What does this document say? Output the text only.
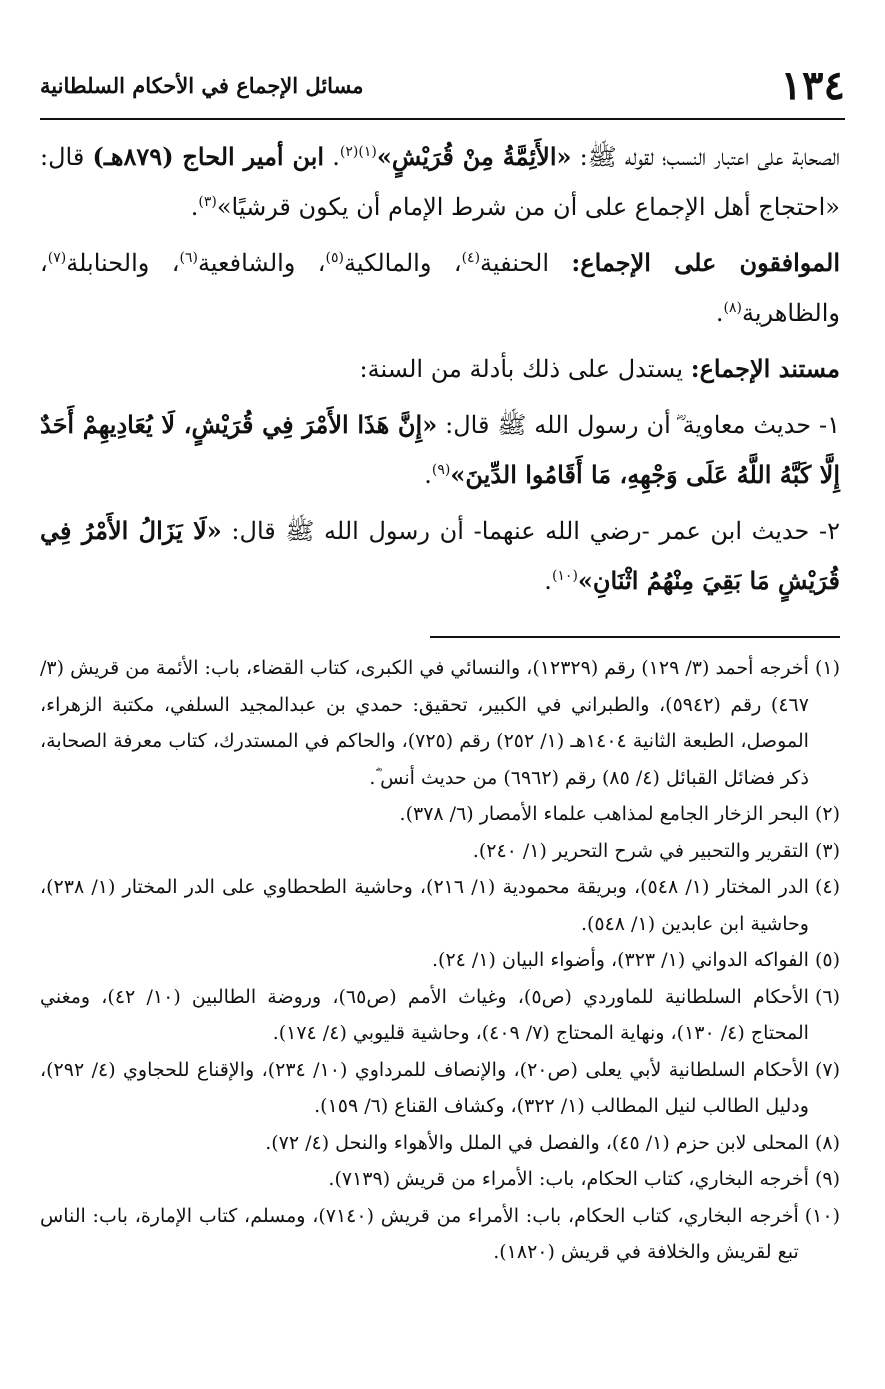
١٣٤
مسائل الإجماع في الأحكام السلطانية

الصحابة على اعتبار النسب؛ لقوله ﷺ: «الأَئِمَّةُ مِنْ قُرَيْشٍ»$^{(١)(٢)}$. ابن أمير الحاج (٨٧٩هـ) قال: «احتجاج أهل الإجماع على أن من شرط الإمام أن يكون قرشيًا»$^{(٣)}$.

الموافقون على الإجماع: الحنفية$^{(٤)}$، والمالكية$^{(٥)}$، والشافعية$^{(٦)}$، والحنابلة$^{(٧)}$، والظاهرية$^{(٨)}$.

مستند الإجماع: يستدل على ذلك بأدلة من السنة:

١- حديث معاوية ؓ أن رسول الله ﷺ قال: «إِنَّ هَذَا الأَمْرَ فِي قُرَيْشٍ، لَا يُعَادِيهِمْ أَحَدٌ إِلَّا كَبَّهُ اللَّهُ عَلَى وَجْهِهِ، مَا أَقَامُوا الدِّينَ»$^{(٩)}$.

٢- حديث ابن عمر -رضي الله عنهما- أن رسول الله ﷺ قال: «لَا يَزَالُ الأَمْرُ فِي قُرَيْشٍ مَا بَقِيَ مِنْهُمُ اثْنَانِ»$^{(١٠)}$.

(١)
أخرجه أحمد (٣/ ١٢٩) رقم (١٢٣٢٩)، والنسائي في الكبرى، كتاب القضاء، باب: الأئمة من قريش (٣/ ٤٦٧) رقم (٥٩٤٢)، والطبراني في الكبير، تحقيق: حمدي بن عبدالمجيد السلفي، مكتبة الزهراء، الموصل، الطبعة الثانية ١٤٠٤هـ (١/ ٢٥٢) رقم (٧٢٥)، والحاكم في المستدرك، كتاب معرفة الصحابة، ذكر فضائل القبائل (٤/ ٨٥) رقم (٦٩٦٢) من حديث أنس ؓ.
(٢)
البحر الزخار الجامع لمذاهب علماء الأمصار (٦/ ٣٧٨).
(٣)
التقرير والتحبير في شرح التحرير (١/ ٢٤٠).
(٤)
الدر المختار (١/ ٥٤٨)، وبريقة محمودية (١/ ٢١٦)، وحاشية الطحطاوي على الدر المختار (١/ ٢٣٨)، وحاشية ابن عابدين (١/ ٥٤٨).
(٥)
الفواكه الدواني (١/ ٣٢٣)، وأضواء البيان (١/ ٢٤).
(٦)
الأحكام السلطانية للماوردي (ص٥)، وغياث الأمم (ص٦٥)، وروضة الطالبين (١٠/ ٤٢)، ومغني المحتاج (٤/ ١٣٠)، ونهاية المحتاج (٧/ ٤٠٩)، وحاشية قليوبي (٤/ ١٧٤).
(٧)
الأحكام السلطانية لأبي يعلى (ص٢٠)، والإنصاف للمرداوي (١٠/ ٢٣٤)، والإقناع للحجاوي (٤/ ٢٩٢)، ودليل الطالب لنيل المطالب (١/ ٣٢٢)، وكشاف القناع (٦/ ١٥٩).
(٨)
المحلى لابن حزم (١/ ٤٥)، والفصل في الملل والأهواء والنحل (٤/ ٧٢).
(٩)
أخرجه البخاري، كتاب الحكام، باب: الأمراء من قريش (٧١٣٩).
(١٠)
أخرجه البخاري، كتاب الحكام، باب: الأمراء من قريش (٧١٤٠)، ومسلم، كتاب الإمارة، باب: الناس تبع لقريش والخلافة في قريش (١٨٢٠).
